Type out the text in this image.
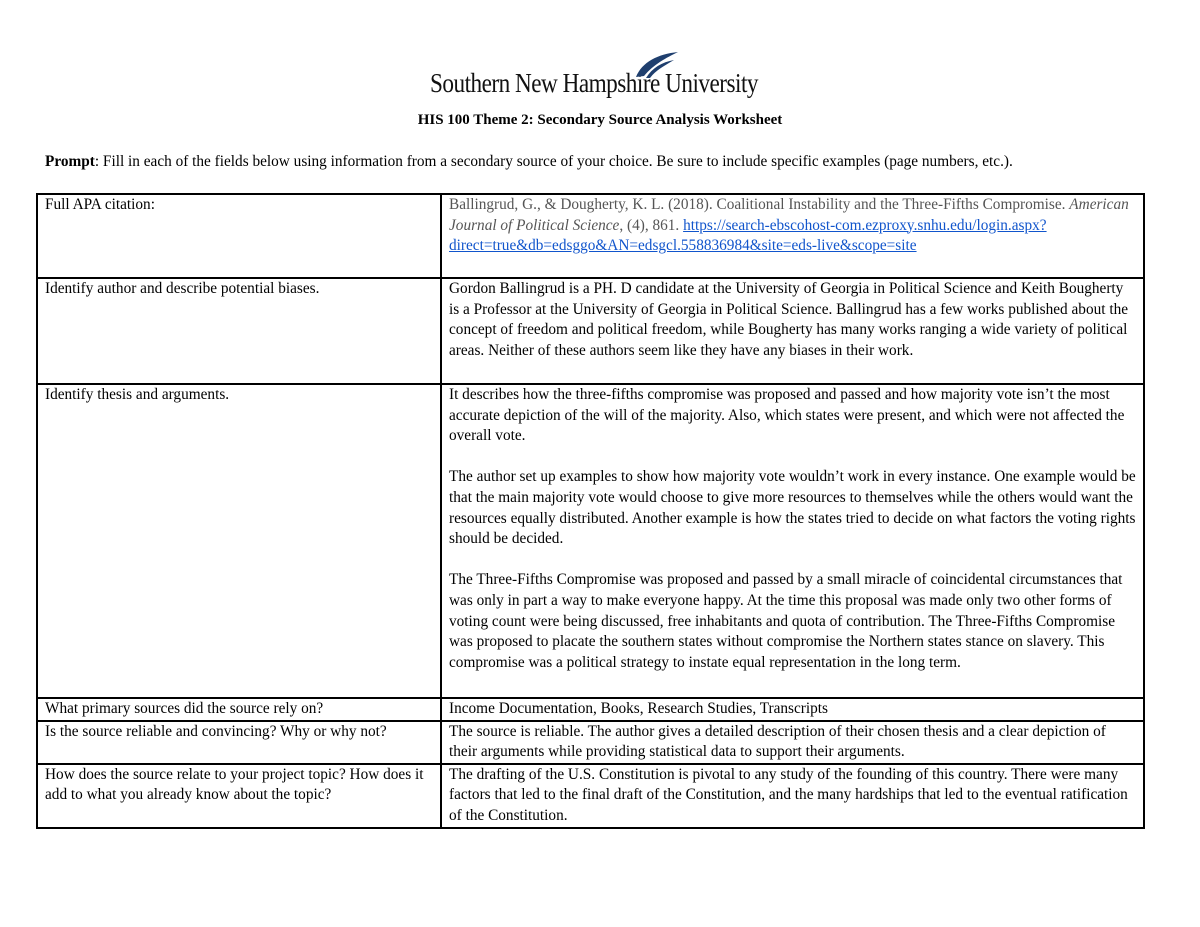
Southern New Hampshire University
HIS 100 Theme 2: Secondary Source Analysis Worksheet
Prompt: Fill in each of the fields below using information from a secondary source of your choice. Be sure to include specific examples (page numbers, etc.).
Full APA citation:	Ballingrud, G., & Dougherty, K. L. (2018). Coalitional Instability and the Three-Fifths Compromise. American Journal of Political Science, (4), 861. https://search-ebscohost-com.ezproxy.snhu.edu/login.aspx?direct=true&db=edsggo&AN=edsgcl.558836984&site=eds-live&scope=site
Identify author and describe potential biases.	Gordon Ballingrud is a PH. D candidate at the University of Georgia in Political Science and Keith Bougherty is a Professor at the University of Georgia in Political Science. Ballingrud has a few works published about the concept of freedom and political freedom, while Bougherty has many works ranging a wide variety of political areas. Neither of these authors seem like they have any biases in their work.
Identify thesis and arguments.	It describes how the three-fifths compromise was proposed and passed and how majority vote isn’t the most accurate depiction of the will of the majority. Also, which states were present, and which were not affected the overall vote.

The author set up examples to show how majority vote wouldn’t work in every instance. One example would be that the main majority vote would choose to give more resources to themselves while the others would want the resources equally distributed. Another example is how the states tried to decide on what factors the voting rights should be decided.

The Three-Fifths Compromise was proposed and passed by a small miracle of coincidental circumstances that was only in part a way to make everyone happy. At the time this proposal was made only two other forms of voting count were being discussed, free inhabitants and quota of contribution. The Three-Fifths Compromise was proposed to placate the southern states without compromise the Northern states stance on slavery. This compromise was a political strategy to instate equal representation in the long term.

What primary sources did the source rely on?	Income Documentation, Books, Research Studies, Transcripts
Is the source reliable and convincing? Why or why not?	The source is reliable. The author gives a detailed description of their chosen thesis and a clear depiction of their arguments while providing statistical data to support their arguments.
How does the source relate to your project topic? How does it add to what you already know about the topic?	The drafting of the U.S. Constitution is pivotal to any study of the founding of this country. There were many factors that led to the final draft of the Constitution, and the many hardships that led to the eventual ratification of the Constitution.
